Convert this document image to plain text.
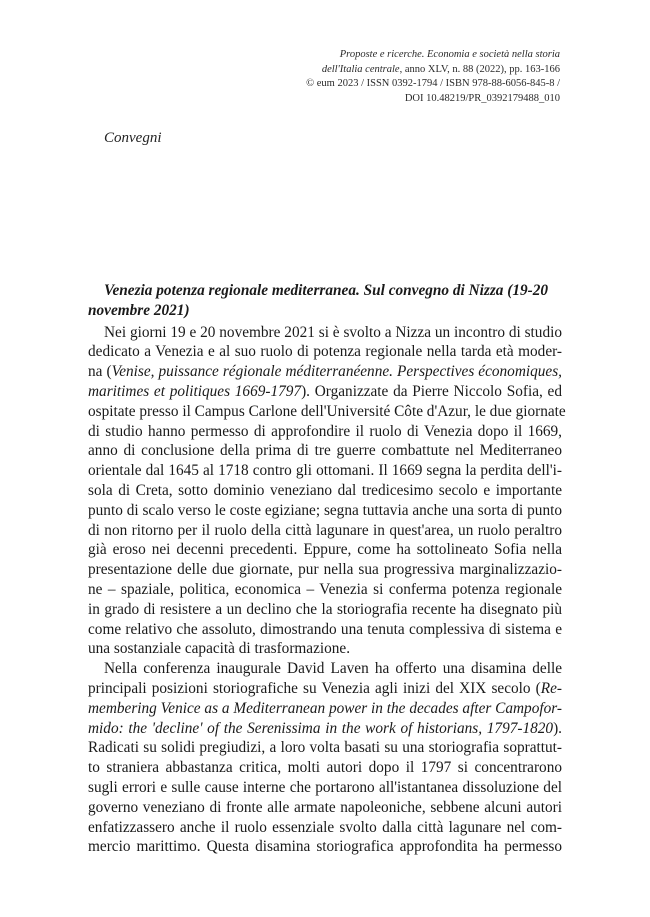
Proposte e ricerche. Economia e società nella storia
dell'Italia centrale, anno XLV, n. 88 (2022), pp. 163-166
© eum 2023 / ISSN 0392-1794 / ISBN 978-88-6056-845-8 /
DOI 10.48219/PR_0392179488_010
Convegni
Venezia potenza regionale mediterranea. Sul convegno di Nizza (19-20
novembre 2021)

Nei giorni 19 e 20 novembre 2021 si è svolto a Nizza un incontro di studio
dedicato a Venezia e al suo ruolo di potenza regionale nella tarda età moder-
na (Venise, puissance régionale méditerranéenne. Perspectives économiques,
maritimes et politiques 1669-1797). Organizzate da Pierre Niccolo Sofia, ed
ospitate presso il Campus Carlone dell'Université Côte d'Azur, le due giornate
di studio hanno permesso di approfondire il ruolo di Venezia dopo il 1669,
anno di conclusione della prima di tre guerre combattute nel Mediterraneo
orientale dal 1645 al 1718 contro gli ottomani. Il 1669 segna la perdita dell'i-
sola di Creta, sotto dominio veneziano dal tredicesimo secolo e importante
punto di scalo verso le coste egiziane; segna tuttavia anche una sorta di punto
di non ritorno per il ruolo della città lagunare in quest'area, un ruolo peraltro
già eroso nei decenni precedenti. Eppure, come ha sottolineato Sofia nella
presentazione delle due giornate, pur nella sua progressiva marginalizzazio-
ne – spaziale, politica, economica – Venezia si conferma potenza regionale
in grado di resistere a un declino che la storiografia recente ha disegnato più
come relativo che assoluto, dimostrando una tenuta complessiva di sistema e
una sostanziale capacità di trasformazione.

Nella conferenza inaugurale David Laven ha offerto una disamina delle
principali posizioni storiografiche su Venezia agli inizi del XIX secolo (Re-
membering Venice as a Mediterranean power in the decades after Campofor-
mido: the 'decline' of the Serenissima in the work of historians, 1797-1820).
Radicati su solidi pregiudizi, a loro volta basati su una storiografia soprattut-
to straniera abbastanza critica, molti autori dopo il 1797 si concentrarono
sugli errori e sulle cause interne che portarono all'istantanea dissoluzione del
governo veneziano di fronte alle armate napoleoniche, sebbene alcuni autori
enfatizzassero anche il ruolo essenziale svolto dalla città lagunare nel com-
mercio marittimo. Questa disamina storiografica approfondita ha permesso
